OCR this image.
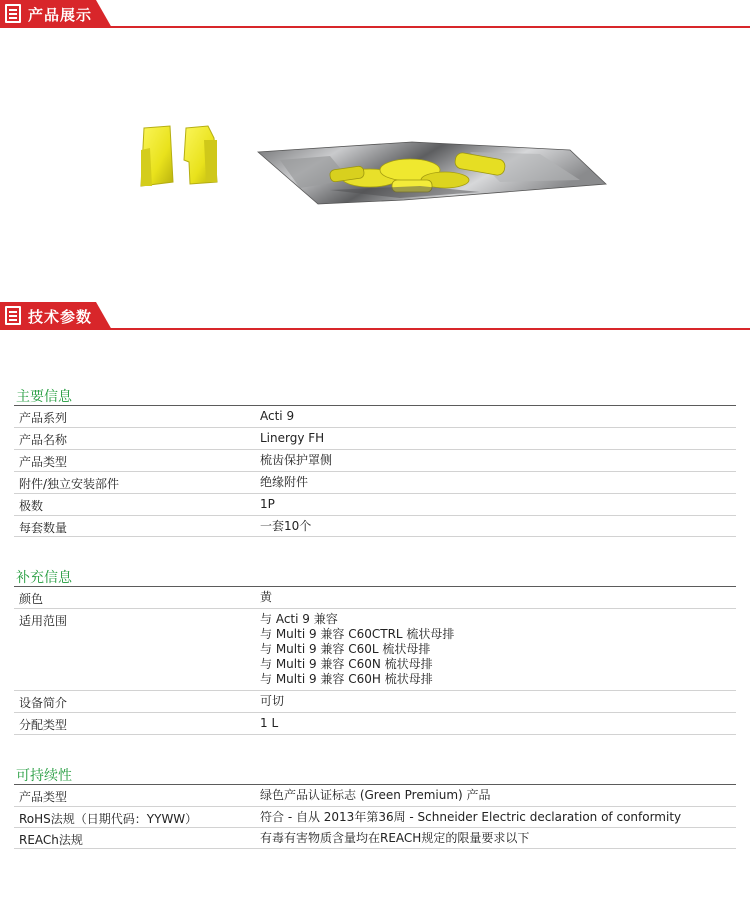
产品展示
技术参数
主要信息
产品系列	Acti 9
产品名称	Linergy FH
产品类型	梳齿保护罩侧
附件/独立安装部件	绝缘附件
极数	1P
每套数量	一套10个
补充信息
颜色	黄
适用范围	与 Acti 9 兼容
与 Multi 9 兼容 C60CTRL 梳状母排
与 Multi 9 兼容 C60L 梳状母排
与 Multi 9 兼容 C60N 梳状母排
与 Multi 9 兼容 C60H 梳状母排
设备简介	可切
分配类型	1 L
可持续性
产品类型	绿色产品认证标志 (Green Premium) 产品
RoHS法规（日期代码：YYWW）	符合 - 自从 2013年第36周 - Schneider Electric declaration of conformity
REACh法规	有毒有害物质含量均在REACH规定的限量要求以下
